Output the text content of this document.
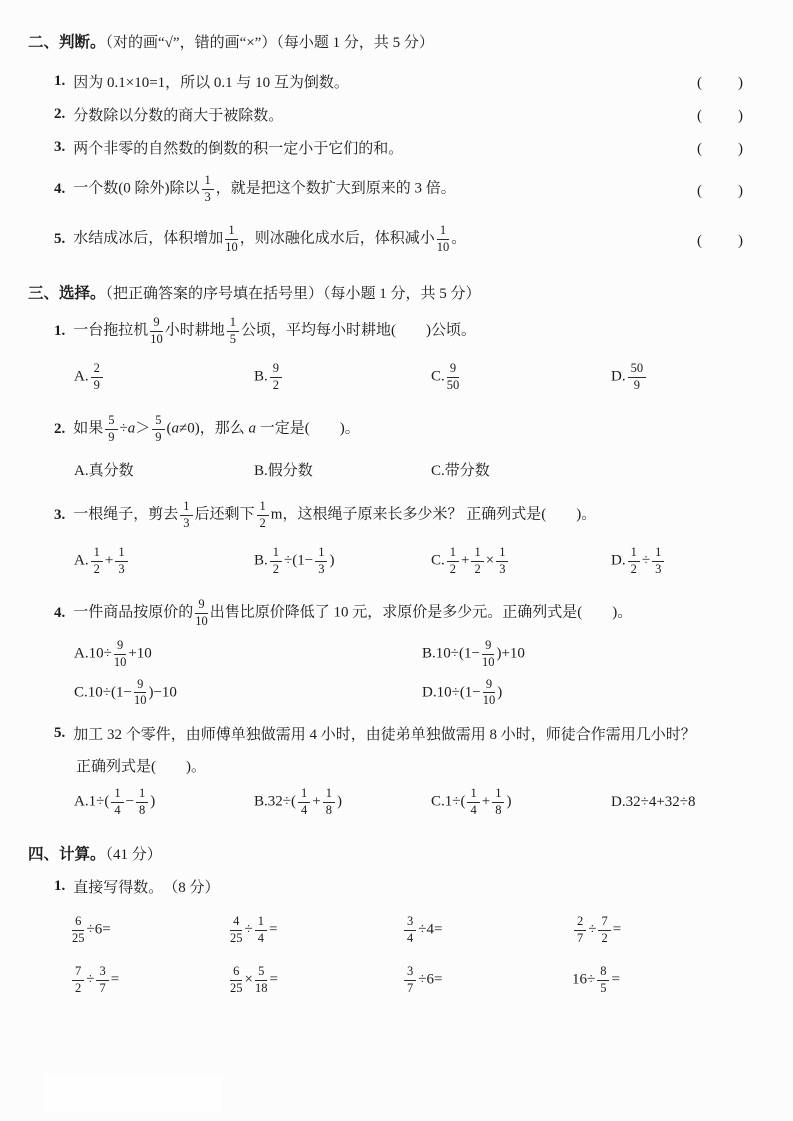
二、判断。（对的画“√”，错的画“×”）（每小题 1 分，共 5 分）
1. 因为 0.1×10=1，所以 0.1 与 10 互为倒数。	(　　)
2. 分数除以分数的商大于被除数。	(　　)
3. 两个非零的自然数的倒数的积一定小于它们的和。	(　　)
4. 一个数(0 除外)除以 $\frac{1}{3}$ ，就是把这个数扩大到原来的 3 倍。	(　　)
5. 水结成冰后，体积增加 $\frac{1}{10}$ ，则冰融化成水后，体积减小 $\frac{1}{10}$ 。	(　　)
三、选择。（把正确答案的序号填在括号里）（每小题 1 分，共 5 分）
1. 一台拖拉机 $\frac{9}{10}$ 小时耕地 $\frac{1}{5}$ 公顷，平均每小时耕地(　　)公顷。
A. $\frac{2}{9}$	B. $\frac{9}{2}$	C. $\frac{9}{50}$	D. $\frac{50}{9}$
2. 如果 $\frac{5}{9} \div a> \frac{5}{9} (a\ne 0)$，那么 a 一定是(　　)。
A.真分数	B.假分数	C.带分数
3. 一根绳子，剪去 $\frac{1}{3}$ 后还剩下 $\frac{1}{2}$ m，这根绳子原来长多少米？ 正确列式是(　　)。
A. $\frac{1}{2} + \frac{1}{3}$	B. $\frac{1}{2} \div(1- \frac{1}{3}$ )	C. $\frac{1}{2} + \frac{1}{2} \times \frac{1}{3}$	D. $\frac{1}{2} \div \frac{1}{3}$
4. 一件商品按原价的 $\frac{9}{10}$ 出售比原价降低了 10 元，求原价是多少元。正确列式是(　　)。
$A.10\div \frac{9}{10} +10$	$B.10\div(1- \frac{9}{10} )+10$
$C.10\div(1- \frac{9}{10} )-10$	$D.10\div(1- \frac{9}{10}$ )
5. 加工 32 个零件，由师傅单独做需用 4 小时，由徒弟单独做需用 8 小时，师徒合作需用几小时？
正确列式是(　　)。
$A.1\div( \frac{1}{4} - \frac{1}{8}$ )	$B.32\div( \frac{1}{4} + \frac{1}{8}$ )	$C.1\div( \frac{1}{4} + \frac{1}{8}$ )	D.32÷4+32÷8
四、计算。（41 分）
1. 直接写得数。 （8 分）
$\frac{6}{25} \div 6=$	$\frac{4}{25} \div \frac{1}{4}$ =	$\frac{3}{4} \div 4=$	$\frac{2}{7} \div \frac{7}{2}$ =
$\frac{7}{2} \div \frac{3}{7}$ =	$\frac{6}{25} \times \frac{5}{18}$ =	$\frac{3}{7} \div 6=$	$16\div \frac{8}{5}$ =
